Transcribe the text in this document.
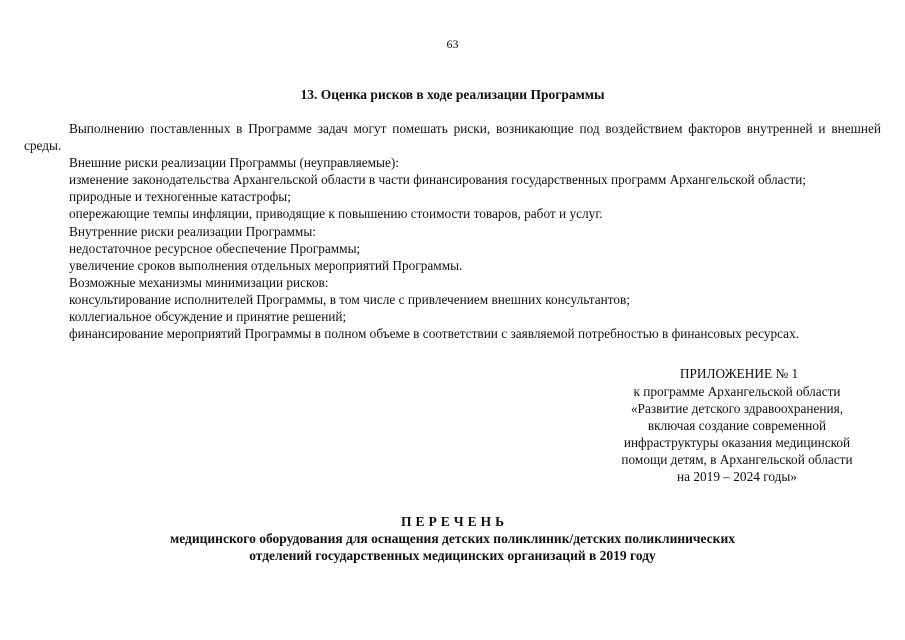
63
13. Оценка рисков в ходе реализации Программы

Выполнению поставленных в Программе задач могут помешать риски, возникающие под воздействием факторов внутренней и внешней среды.

Внешние риски реализации Программы (неуправляемые):

изменение законодательства Архангельской области в части финансирования государственных программ Архангельской области;

природные и техногенные катастрофы;

опережающие темпы инфляции, приводящие к повышению стоимости товаров, работ и услуг.

Внутренние риски реализации Программы:

недостаточное ресурсное обеспечение Программы;

увеличение сроков выполнения отдельных мероприятий Программы.

Возможные механизмы минимизации рисков:

консультирование исполнителей Программы, в том числе с привлечением внешних консультантов;

коллегиальное обсуждение и принятие решений;

финансирование мероприятий Программы в полном объеме в соответствии с заявляемой потребностью в финансовых ресурсах.

ПРИЛОЖЕНИЕ № 1
к программе Архангельской области
«Развитие детского здравоохранения,
включая создание современной
инфраструктуры оказания медицинской
помощи детям, в Архангельской области
на 2019 – 2024 годы»
ПЕРЕЧЕНЬ
медицинского оборудования для оснащения детских поликлиник/детских поликлинических
отделений государственных медицинских организаций в 2019 году
